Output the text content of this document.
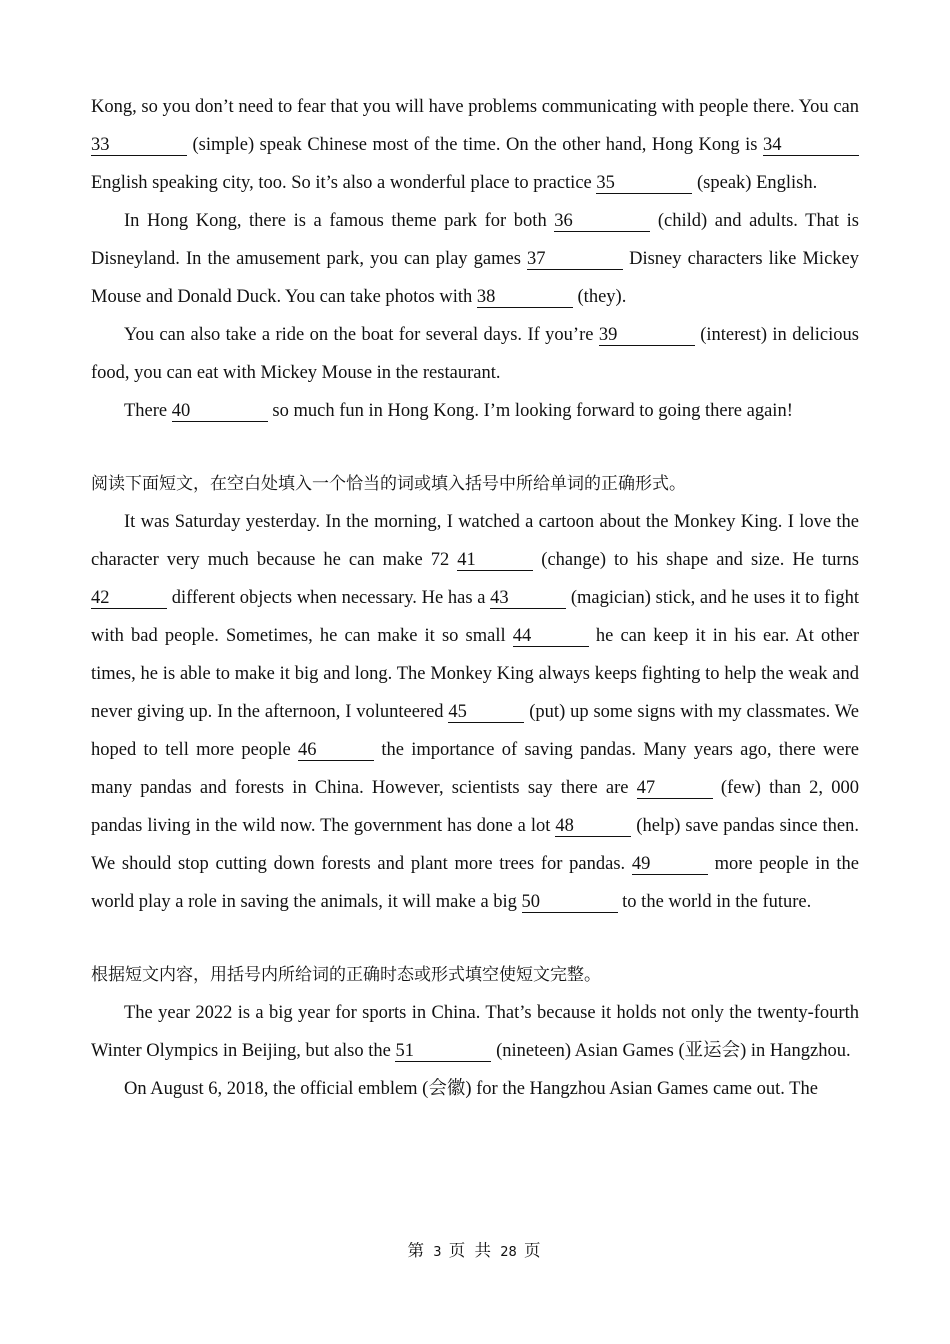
Kong, so you don’t need to fear that you will have problems communicating with people there. You can 33	(simple) speak Chinese most of the time. On the other hand, Hong Kong is 34 English speaking city, too. So it’s also a wonderful place to practice 35	(speak) English.

In Hong Kong, there is a famous theme park for both 36	(child) and adults. That is Disneyland. In the amusement park, you can play games 37	Disney characters like Mickey Mouse and Donald Duck. You can take photos with 38	(they).

You can also take a ride on the boat for several days. If you’re 39	(interest) in delicious food, you can eat with Mickey Mouse in the restaurant.

There 40	so much fun in Hong Kong. I’m looking forward to going there again!

阅读下面短文，在空白处填入一个恰当的词或填入括号中所给单词的正确形式。

It was Saturday yesterday. In the morning, I watched a cartoon about the Monkey King. I love the character very much because he can make 72 41	(change) to his shape and size. He turns 42	different objects when necessary. He has a 43	(magician) stick, and he uses it to fight with bad people. Sometimes, he can make it so small 44	he can keep it in his ear. At other times, he is able to make it big and long. The Monkey King always keeps fighting to help the weak and never giving up. In the afternoon, I volunteered 45	(put) up some signs with my classmates. We hoped to tell more people 46	the importance of saving pandas. Many years ago, there were many pandas and forests in China. However, scientists say there are 47	(few) than 2, 000 pandas living in the wild now. The government has done a lot 48	(help) save pandas since then. We should stop cutting down forests and plant more trees for pandas. 49	more people in the world play a role in saving the animals, it will make a big 50	to the world in the future.

根据短文内容，用括号内所给词的正确时态或形式填空使短文完整。

The year 2022 is a big year for sports in China. That’s because it holds not only the twenty-fourth Winter Olympics in Beijing, but also the 51	(nineteen) Asian Games (亚运会) in Hangzhou.

On August 6, 2018, the official emblem (会徽) for the Hangzhou Asian Games came out. The

第 3 页 共 28 页
